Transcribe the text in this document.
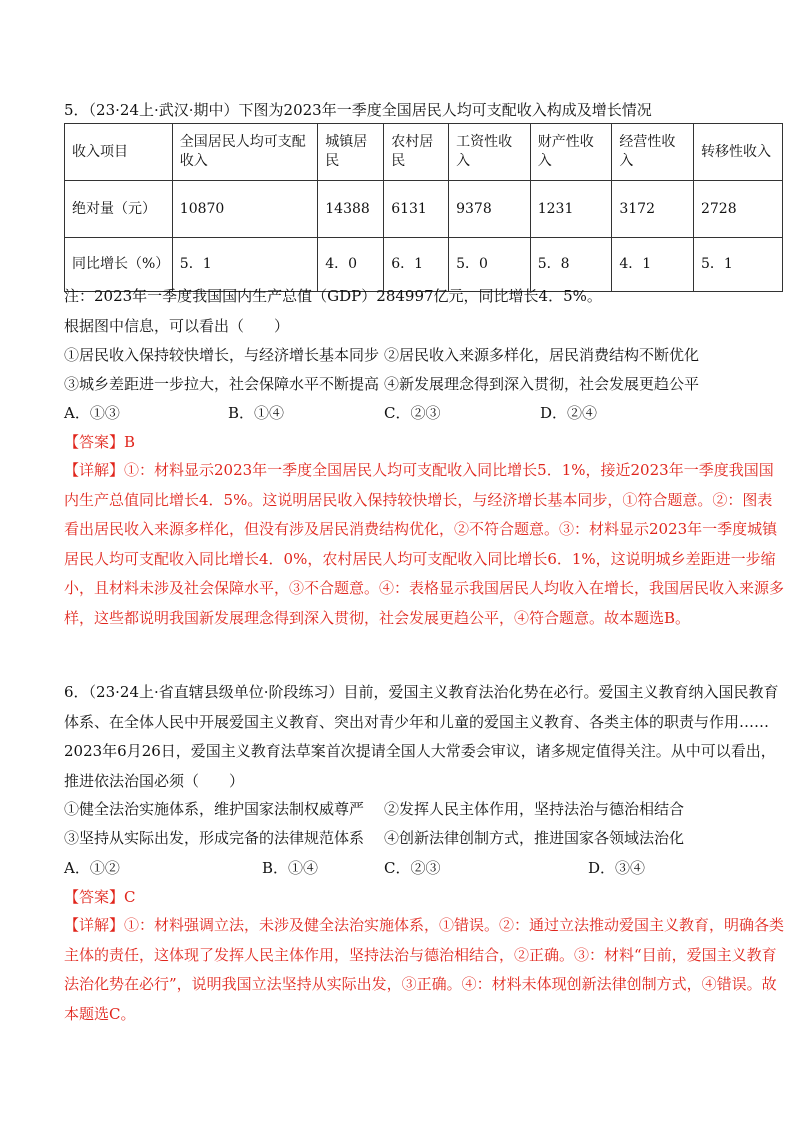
5．（23·24上·武汉·期中）下图为2023年一季度全国居民人均可支配收入构成及增长情况
收入项目	全国居民人均可支配收入	城镇居民	农村居民	工资性收入	财产性收入	经营性收入	转移性收入
绝对量（元）	10870	14388	6131	9378	1231	3172	2728
同比增长（%）	5．1	4．0	6．1	5．0	5．8	4．1	5．1
注：2023年一季度我国国内生产总值（GDP）284997亿元，同比增长4．5%。
根据图中信息，可以看出（　　）
①居民收入保持较快增长，与经济增长基本同步 ②居民收入来源多样化，居民消费结构不断优化
③城乡差距进一步拉大，社会保障水平不断提高 ④新发展理念得到深入贯彻，社会发展更趋公平
A．①③	B．①④	C．②③	D．②④
【答案】B
【详解】①：材料显示2023年一季度全国居民人均可支配收入同比增长5．1%，接近2023年一季度我国国内生产总值同比增长4．5%。这说明居民收入保持较快增长，与经济增长基本同步，①符合题意。②：图表看出居民收入来源多样化，但没有涉及居民消费结构优化，②不符合题意。③：材料显示2023年一季度城镇居民人均可支配收入同比增长4．0%，农村居民人均可支配收入同比增长6．1%，这说明城乡差距进一步缩小，且材料未涉及社会保障水平，③不合题意。④：表格显示我国居民人均收入在增长，我国居民收入来源多样，这些都说明我国新发展理念得到深入贯彻，社会发展更趋公平，④符合题意。故本题选B。
6．（23·24上·省直辖县级单位·阶段练习）目前，爱国主义教育法治化势在必行。爱国主义教育纳入国民教育体系、在全体人民中开展爱国主义教育、突出对青少年和儿童的爱国主义教育、各类主体的职责与作用……2023年6月26日，爱国主义教育法草案首次提请全国人大常委会审议，诸多规定值得关注。从中可以看出，推进依法治国必须（　　）
①健全法治实施体系，维护国家法制权威尊严 ②发挥人民主体作用，坚持法治与德治相结合
③坚持从实际出发，形成完备的法律规范体系 ④创新法律创制方式，推进国家各领域法治化
A．①②	B．①④	C．②③	D．③④
【答案】C
【详解】①：材料强调立法，未涉及健全法治实施体系，①错误。②：通过立法推动爱国主义教育，明确各类主体的责任，这体现了发挥人民主体作用，坚持法治与德治相结合，②正确。③：材料“目前，爱国主义教育法治化势在必行”，说明我国立法坚持从实际出发，③正确。④：材料未体现创新法律创制方式，④错误。故本题选C。
